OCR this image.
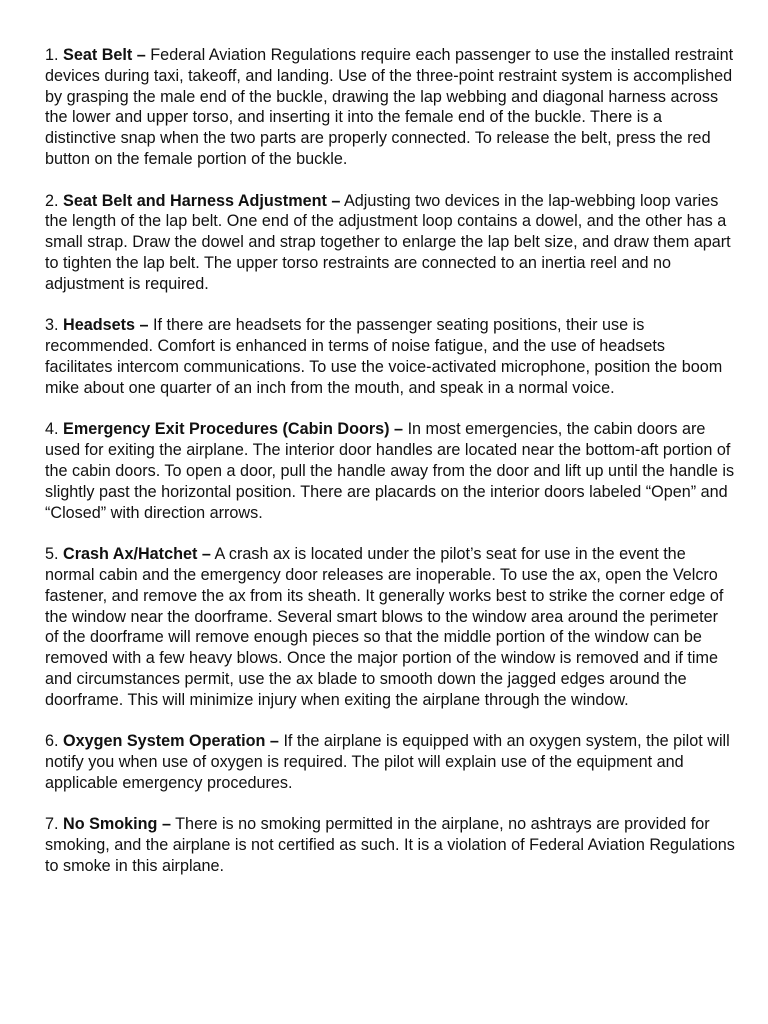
1. Seat Belt – Federal Aviation Regulations require each passenger to use the installed restraint devices during taxi, takeoff, and landing. Use of the three-point restraint system is accomplished by grasping the male end of the buckle, drawing the lap webbing and diagonal harness across the lower and upper torso, and inserting it into the female end of the buckle. There is a distinctive snap when the two parts are properly connected. To release the belt, press the red button on the female portion of the buckle.

2. Seat Belt and Harness Adjustment – Adjusting two devices in the lap-webbing loop varies the length of the lap belt. One end of the adjustment loop contains a dowel, and the other has a small strap. Draw the dowel and strap together to enlarge the lap belt size, and draw them apart to tighten the lap belt. The upper torso restraints are connected to an inertia reel and no adjustment is required.

3. Headsets – If there are headsets for the passenger seating positions, their use is recommended. Comfort is enhanced in terms of noise fatigue, and the use of headsets facilitates intercom communications. To use the voice-activated microphone, position the boom mike about one quarter of an inch from the mouth, and speak in a normal voice.

4. Emergency Exit Procedures (Cabin Doors) – In most emergencies, the cabin doors are used for exiting the airplane. The interior door handles are located near the bottom-aft portion of the cabin doors. To open a door, pull the handle away from the door and lift up until the handle is slightly past the horizontal position. There are placards on the interior doors labeled “Open” and “Closed” with direction arrows.

5. Crash Ax/Hatchet – A crash ax is located under the pilot’s seat for use in the event the normal cabin and the emergency door releases are inoperable. To use the ax, open the Velcro fastener, and remove the ax from its sheath. It generally works best to strike the corner edge of the window near the doorframe. Several smart blows to the window area around the perimeter of the doorframe will remove enough pieces so that the middle portion of the window can be removed with a few heavy blows. Once the major portion of the window is removed and if time and circumstances permit, use the ax blade to smooth down the jagged edges around the doorframe. This will minimize injury when exiting the airplane through the window.

6. Oxygen System Operation – If the airplane is equipped with an oxygen system, the pilot will notify you when use of oxygen is required. The pilot will explain use of the equipment and applicable emergency procedures.

7. No Smoking – There is no smoking permitted in the airplane, no ashtrays are provided for smoking, and the airplane is not certified as such. It is a violation of Federal Aviation Regulations to smoke in this airplane.
